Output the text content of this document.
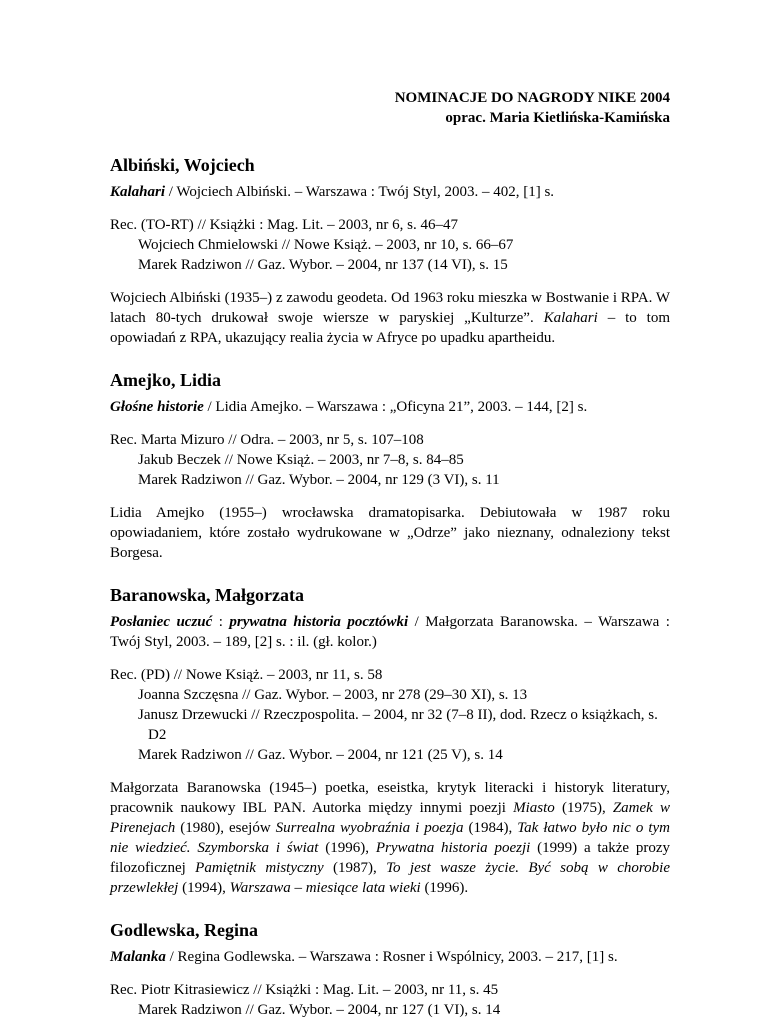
NOMINACJE DO NAGRODY NIKE 2004
oprac. Maria Kietlińska-Kamińska
Albiński, Wojciech
Kalahari / Wojciech Albiński. – Warszawa : Twój Styl, 2003. – 402, [1] s.
Rec. (TO-RT) // Książki : Mag. Lit. – 2003, nr 6, s. 46–47
Wojciech Chmielowski // Nowe Książ. – 2003, nr 10, s. 66–67
Marek Radziwon // Gaz. Wybor. – 2004, nr 137 (14 VI), s. 15
Wojciech Albiński (1935–) z zawodu geodeta. Od 1963 roku mieszka w Bostwanie i RPA. W latach 80-tych drukował swoje wiersze w paryskiej „Kulturze”. Kalahari – to tom opowiadań z RPA, ukazujący realia życia w Afryce po upadku apartheidu.
Amejko, Lidia
Głośne historie / Lidia Amejko. – Warszawa : „Oficyna 21”, 2003. – 144, [2] s.
Rec. Marta Mizuro // Odra. – 2003, nr 5, s. 107–108
Jakub Beczek // Nowe Książ. – 2003, nr 7–8, s. 84–85
Marek Radziwon // Gaz. Wybor. – 2004, nr 129 (3 VI), s. 11
Lidia Amejko (1955–) wrocławska dramatopisarka. Debiutowała w 1987 roku opowiadaniem, które zostało wydrukowane w „Odrze” jako nieznany, odnaleziony tekst Borgesa.
Baranowska, Małgorzata
Posłaniec uczuć : prywatna historia pocztówki / Małgorzata Baranowska. – Warszawa : Twój Styl, 2003. – 189, [2] s. : il. (gł. kolor.)
Rec. (PD) // Nowe Książ. – 2003, nr 11, s. 58
Joanna Szczęsna // Gaz. Wybor. – 2003, nr 278 (29–30 XI), s. 13
Janusz Drzewucki // Rzeczpospolita. – 2004, nr 32 (7–8 II), dod. Rzecz o książkach, s.
D2
Marek Radziwon // Gaz. Wybor. – 2004, nr 121 (25 V), s. 14
Małgorzata Baranowska (1945–) poetka, eseistka, krytyk literacki i historyk literatury, pracownik naukowy IBL PAN. Autorka między innymi poezji Miasto (1975), Zamek w Pirenejach (1980), esejów Surrealna wyobraźnia i poezja (1984), Tak łatwo było nic o tym nie wiedzieć. Szymborska i świat (1996), Prywatna historia poezji (1999) a także prozy filozoficznej Pamiętnik mistyczny (1987), To jest wasze życie. Być sobą w chorobie przewlekłej (1994), Warszawa – miesiące lata wieki (1996).
Godlewska, Regina
Malanka / Regina Godlewska. – Warszawa : Rosner i Wspólnicy, 2003. – 217, [1] s.
Rec. Piotr Kitrasiewicz // Książki : Mag. Lit. – 2003, nr 11, s. 45
Marek Radziwon // Gaz. Wybor. – 2004, nr 127 (1 VI), s. 14
